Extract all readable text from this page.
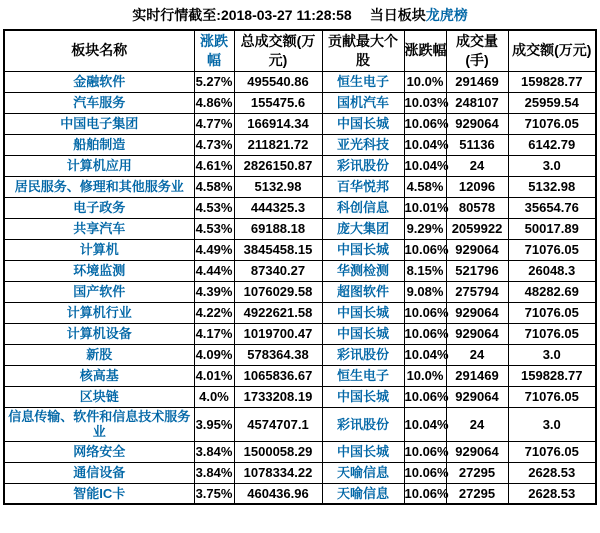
实时行情截至:2018-03-27 11:28:58 当日板块龙虎榜
板块名称	涨跌幅	总成交额(万元)	贡献最大个股	涨跌幅	成交量(手)	成交额(万元)
金融软件	5.27%	495540.86	恒生电子	10.0%	291469	159828.77
汽车服务	4.86%	155475.6	国机汽车	10.03%	248107	25959.54
中国电子集团	4.77%	166914.34	中国长城	10.06%	929064	71076.05
船舶制造	4.73%	211821.72	亚光科技	10.04%	51136	6142.79
计算机应用	4.61%	2826150.87	彩讯股份	10.04%	24	3.0
居民服务、修理和其他服务业	4.58%	5132.98	百华悦邦	4.58%	12096	5132.98
电子政务	4.53%	444325.3	科创信息	10.01%	80578	35654.76
共享汽车	4.53%	69188.18	庞大集团	9.29%	2059922	50017.89
计算机	4.49%	3845458.15	中国长城	10.06%	929064	71076.05
环境监测	4.44%	87340.27	华测检测	8.15%	521796	26048.3
国产软件	4.39%	1076029.58	超图软件	9.08%	275794	48282.69
计算机行业	4.22%	4922621.58	中国长城	10.06%	929064	71076.05
计算机设备	4.17%	1019700.47	中国长城	10.06%	929064	71076.05
新股	4.09%	578364.38	彩讯股份	10.04%	24	3.0
核高基	4.01%	1065836.67	恒生电子	10.0%	291469	159828.77
区块链	4.0%	1733208.19	中国长城	10.06%	929064	71076.05
信息传输、软件和信息技术服务业	3.95%	4574707.1	彩讯股份	10.04%	24	3.0
网络安全	3.84%	1500058.29	中国长城	10.06%	929064	71076.05
通信设备	3.84%	1078334.22	天喻信息	10.06%	27295	2628.53
智能IC卡	3.75%	460436.96	天喻信息	10.06%	27295	2628.53
